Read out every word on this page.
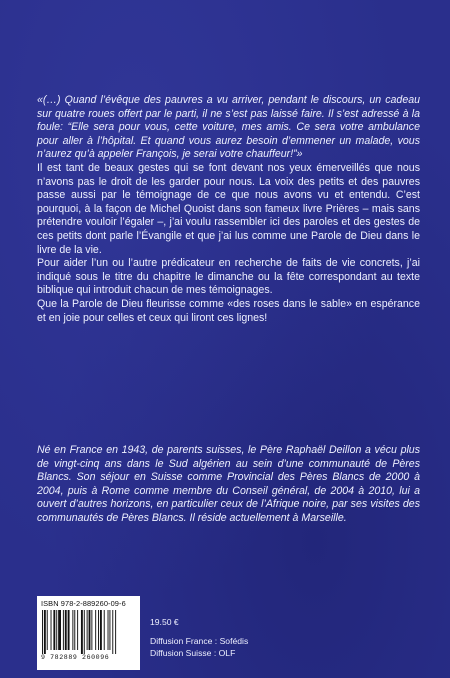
«(…) Quand l’évêque des pauvres a vu arriver, pendant le discours, un cadeau sur quatre roues offert par le parti, il ne s’est pas laissé faire. Il s’est adressé à la foule: “Elle sera pour vous, cette voiture, mes amis. Ce sera votre ambulance pour aller à l’hôpital. Et quand vous aurez besoin d’emmener un malade, vous n’aurez qu’à appeler François, je serai votre chauffeur!”»

Il est tant de beaux gestes qui se font devant nos yeux émerveillés que nous n’avons pas le droit de les garder pour nous. La voix des petits et des pauvres passe aussi par le témoignage de ce que nous avons vu et entendu. C’est pourquoi, à la façon de Michel Quoist dans son fameux livre Prières – mais sans prétendre vouloir l’égaler –, j’ai voulu rassembler ici des paroles et des gestes de ces petits dont parle l’Évangile et que j’ai lus comme une Parole de Dieu dans le livre de la vie.

Pour aider l’un ou l’autre prédicateur en recherche de faits de vie concrets, j’ai indiqué sous le titre du chapitre le dimanche ou la fête correspondant au texte biblique qui introduit chacun de mes témoignages.

Que la Parole de Dieu fleurisse comme «des roses dans le sable» en espérance et en joie pour celles et ceux qui liront ces lignes!

Né en France en 1943, de parents suisses, le Père Raphaël Deillon a vécu plus de vingt-cinq ans dans le Sud algérien au sein d’une communauté de Pères Blancs. Son séjour en Suisse comme Provincial des Pères Blancs de 2000 à 2004, puis à Rome comme membre du Conseil général, de 2004 à 2010, lui a ouvert d’autres horizons, en particulier ceux de l’Afrique noire, par ses visites des communautés de Pères Blancs. Il réside actuellement à Marseille.

ISBN 978-2-889260-09-6
9 782889 260096
19.50 €
Diffusion France : Sofédis
Diffusion Suisse : OLF
